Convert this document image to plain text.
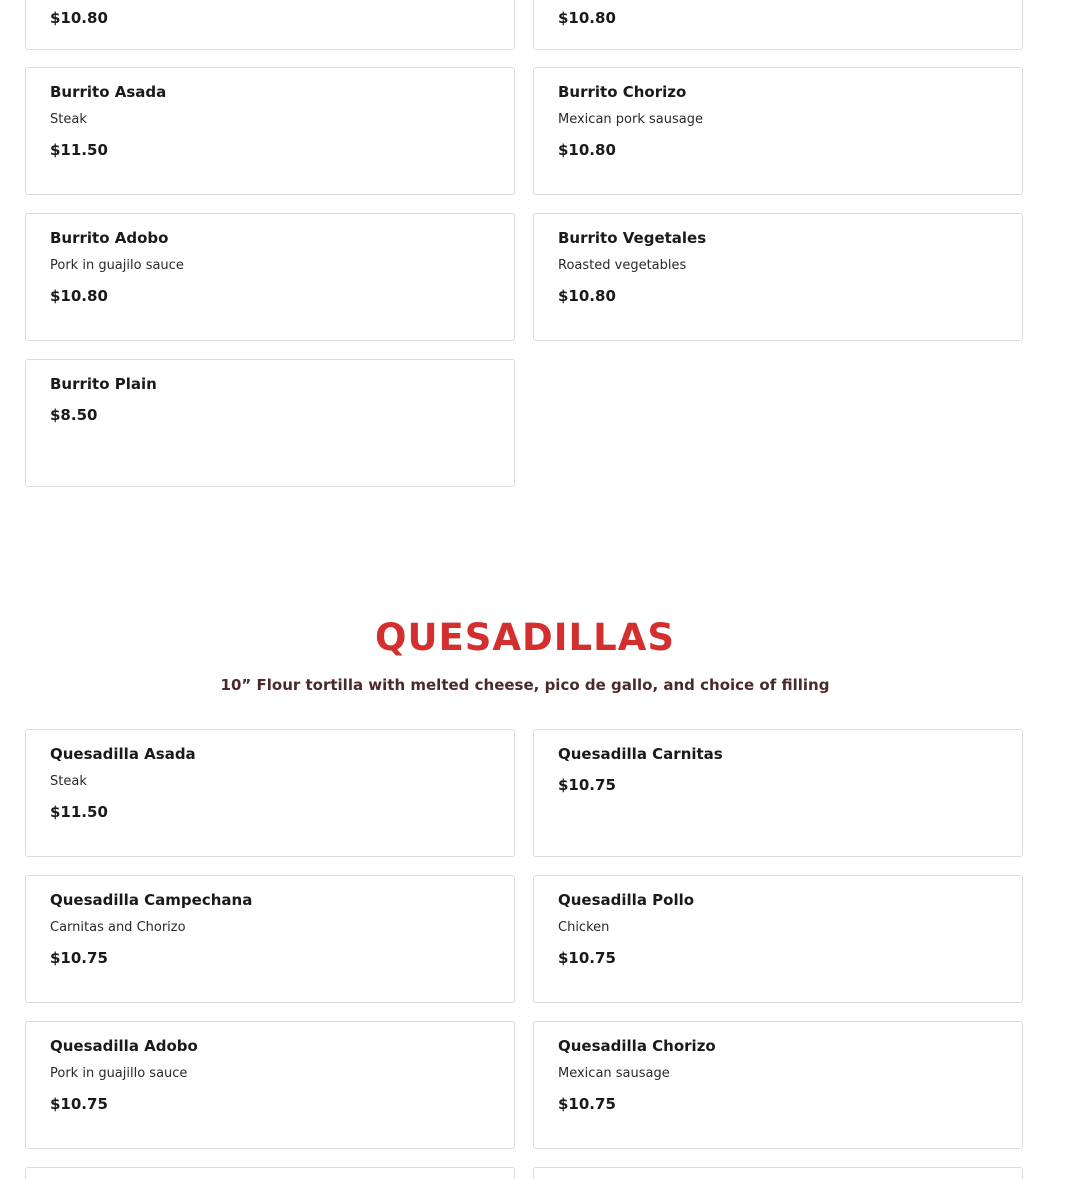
$10.80	$10.80
Burrito Asada
Steak
$11.50
Burrito Chorizo
Mexican pork sausage
$10.80
Burrito Adobo
Pork in guajilo sauce
$10.80
Burrito Vegetales
Roasted vegetables
$10.80
Burrito Plain
$8.50
QUESADILLAS
10” Flour tortilla with melted cheese, pico de gallo, and choice of filling
Quesadilla Asada
Steak
$11.50
Quesadilla Carnitas
$10.75
Quesadilla Campechana
Carnitas and Chorizo
$10.75
Quesadilla Pollo
Chicken
$10.75
Quesadilla Adobo
Pork in guajillo sauce
$10.75
Quesadilla Chorizo
Mexican sausage
$10.75
